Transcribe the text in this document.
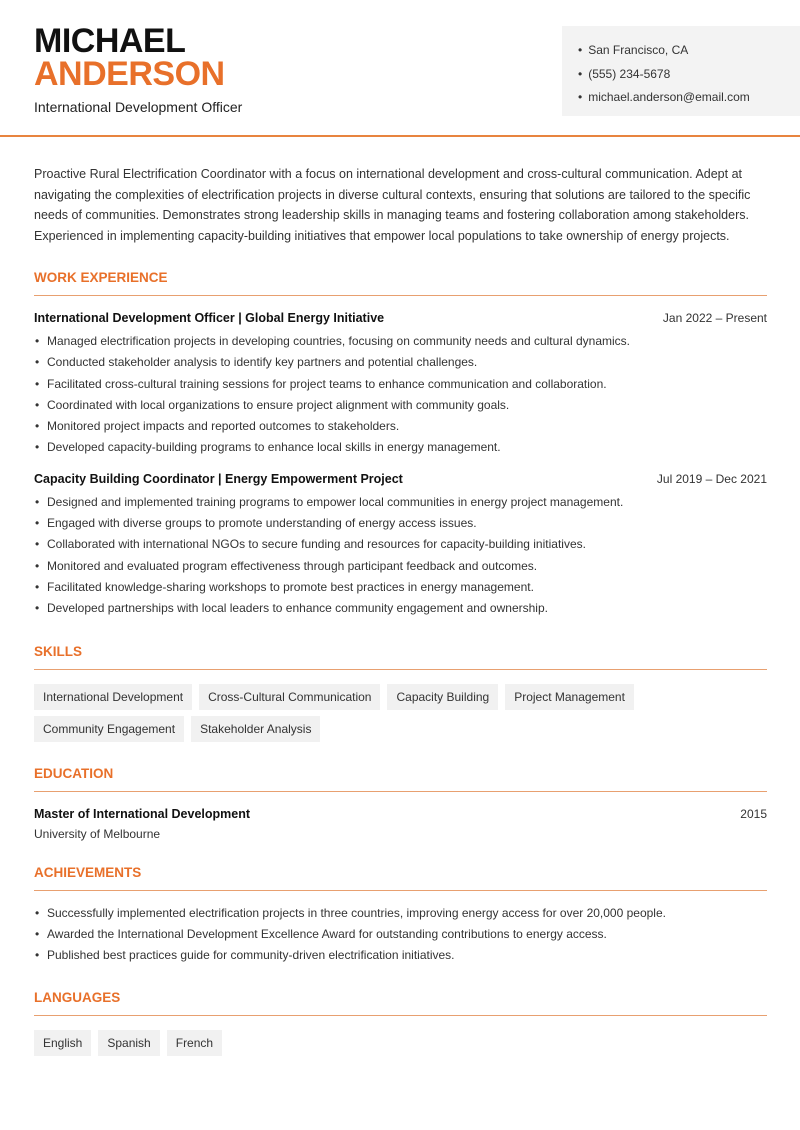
MICHAEL
ANDERSON
International Development Officer
• San Francisco, CA
• (555) 234-5678
• michael.anderson@email.com

Proactive Rural Electrification Coordinator with a focus on international development and cross-cultural communication. Adept at navigating the complexities of electrification projects in diverse cultural contexts, ensuring that solutions are tailored to the specific needs of communities. Demonstrates strong leadership skills in managing teams and fostering collaboration among stakeholders. Experienced in implementing capacity-building initiatives that empower local populations to take ownership of energy projects.

WORK EXPERIENCE
International Development Officer | Global Energy Initiative	Jan 2022 – Present
• Managed electrification projects in developing countries, focusing on community needs and cultural dynamics.
• Conducted stakeholder analysis to identify key partners and potential challenges.
• Facilitated cross-cultural training sessions for project teams to enhance communication and collaboration.
• Coordinated with local organizations to ensure project alignment with community goals.
• Monitored project impacts and reported outcomes to stakeholders.
• Developed capacity-building programs to enhance local skills in energy management.
Capacity Building Coordinator | Energy Empowerment Project	Jul 2019 – Dec 2021
• Designed and implemented training programs to empower local communities in energy project management.
• Engaged with diverse groups to promote understanding of energy access issues.
• Collaborated with international NGOs to secure funding and resources for capacity-building initiatives.
• Monitored and evaluated program effectiveness through participant feedback and outcomes.
• Facilitated knowledge-sharing workshops to promote best practices in energy management.
• Developed partnerships with local leaders to enhance community engagement and ownership.
SKILLS
International Development	Cross-Cultural Communication	Capacity Building	Project Management
Community Engagement	Stakeholder Analysis
EDUCATION
Master of International Development	2015
University of Melbourne
ACHIEVEMENTS
• Successfully implemented electrification projects in three countries, improving energy access for over 20,000 people.
• Awarded the International Development Excellence Award for outstanding contributions to energy access.
• Published best practices guide for community-driven electrification initiatives.
LANGUAGES
English	Spanish	French
